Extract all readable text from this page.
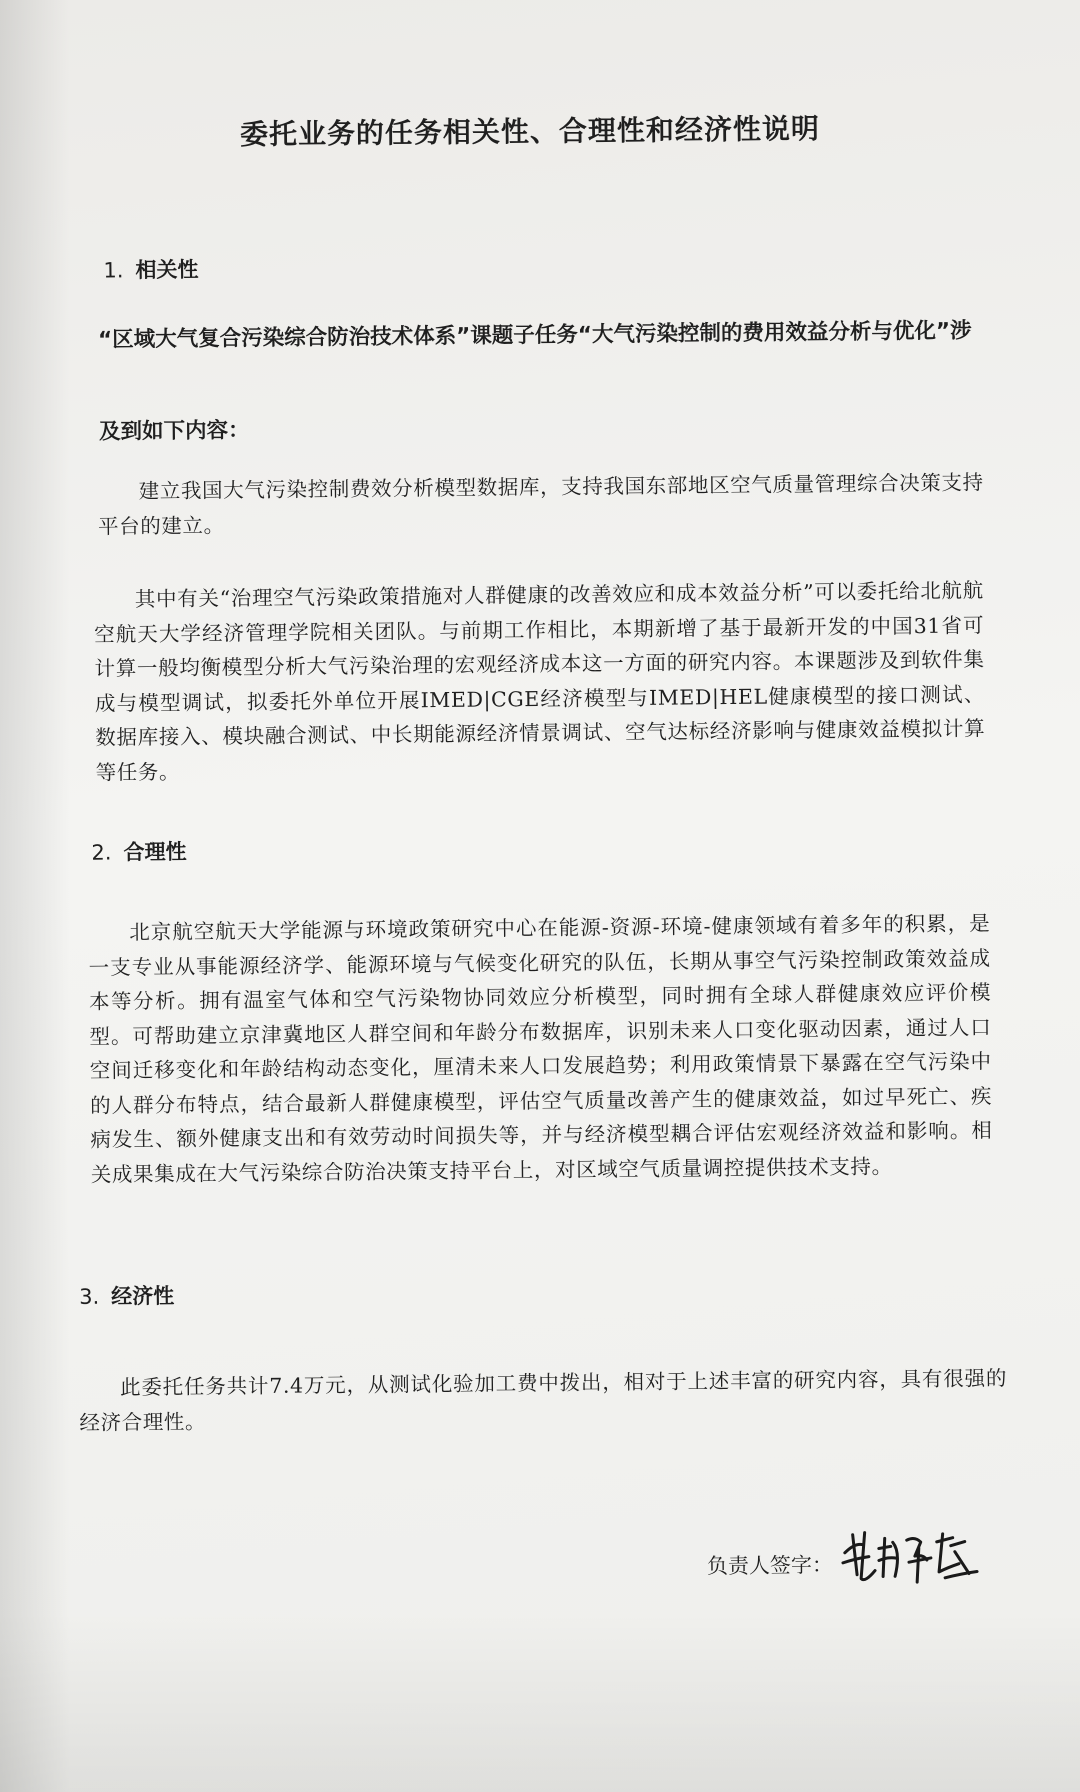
委托业务的任务相关性、合理性和经济性说明
1. 相关性
“区域大气复合污染综合防治技术体系”课题子任务“大气污染控制的费用效益分析与优化”涉
及到如下内容：
建立我国大气污染控制费效分析模型数据库，支持我国东部地区空气质量管理综合决策支持平台的建立。
其中有关“治理空气污染政策措施对人群健康的改善效应和成本效益分析”可以委托给北航航空航天大学经济管理学院相关团队。与前期工作相比，本期新增了基于最新开发的中国31省可计算一般均衡模型分析大气污染治理的宏观经济成本这一方面的研究内容。本课题涉及到软件集成与模型调试，拟委托外单位开展IMED|CGE经济模型与IMED|HEL健康模型的接口测试、数据库接入、模块融合测试、中长期能源经济情景调试、空气达标经济影响与健康效益模拟计算等任务。
2. 合理性
北京航空航天大学能源与环境政策研究中心在能源-资源-环境-健康领域有着多年的积累，是一支专业从事能源经济学、能源环境与气候变化研究的队伍，长期从事空气污染控制政策效益成本等分析。拥有温室气体和空气污染物协同效应分析模型，同时拥有全球人群健康效应评价模型。可帮助建立京津冀地区人群空间和年龄分布数据库，识别未来人口变化驱动因素，通过人口空间迁移变化和年龄结构动态变化，厘清未来人口发展趋势；利用政策情景下暴露在空气污染中的人群分布特点，结合最新人群健康模型，评估空气质量改善产生的健康效益，如过早死亡、疾病发生、额外健康支出和有效劳动时间损失等，并与经济模型耦合评估宏观经济效益和影响。相关成果集成在大气污染综合防治决策支持平台上，对区域空气质量调控提供技术支持。
3. 经济性
此委托任务共计7.4万元，从测试化验加工费中拨出，相对于上述丰富的研究内容，具有很强的经济合理性。
负责人签字：
